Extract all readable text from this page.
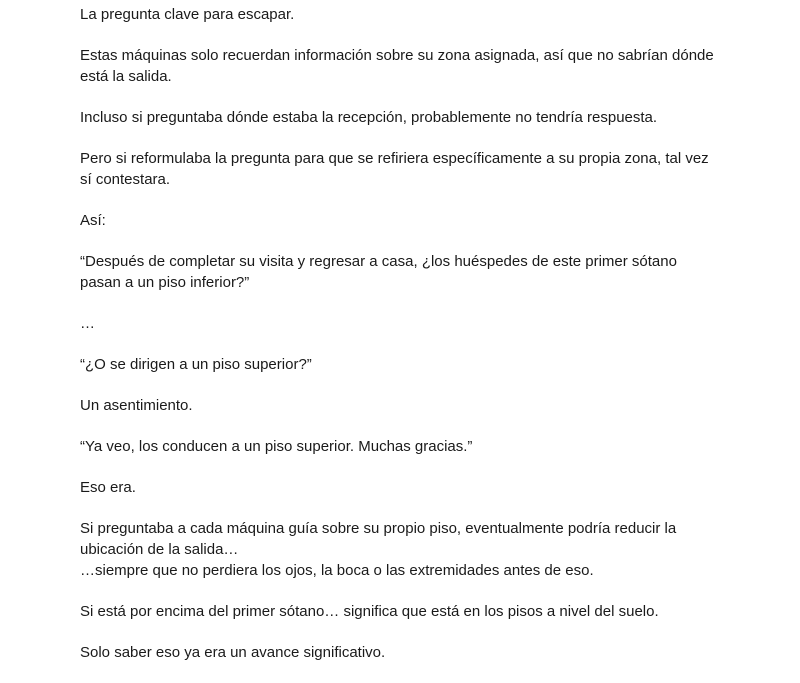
La pregunta clave para escapar.

Estas máquinas solo recuerdan información sobre su zona asignada, así que no sabrían dónde está la salida.

Incluso si preguntaba dónde estaba la recepción, probablemente no tendría respuesta.

Pero si reformulaba la pregunta para que se refiriera específicamente a su propia zona, tal vez sí contestara.

Así:

“Después de completar su visita y regresar a casa, ¿los huéspedes de este primer sótano pasan a un piso inferior?”

…

“¿O se dirigen a un piso superior?”

Un asentimiento.

“Ya veo, los conducen a un piso superior. Muchas gracias.”

Eso era.

Si preguntaba a cada máquina guía sobre su propio piso, eventualmente podría reducir la ubicación de la salida…
…siempre que no perdiera los ojos, la boca o las extremidades antes de eso.

Si está por encima del primer sótano… significa que está en los pisos a nivel del suelo.

Solo saber eso ya era un avance significativo.
